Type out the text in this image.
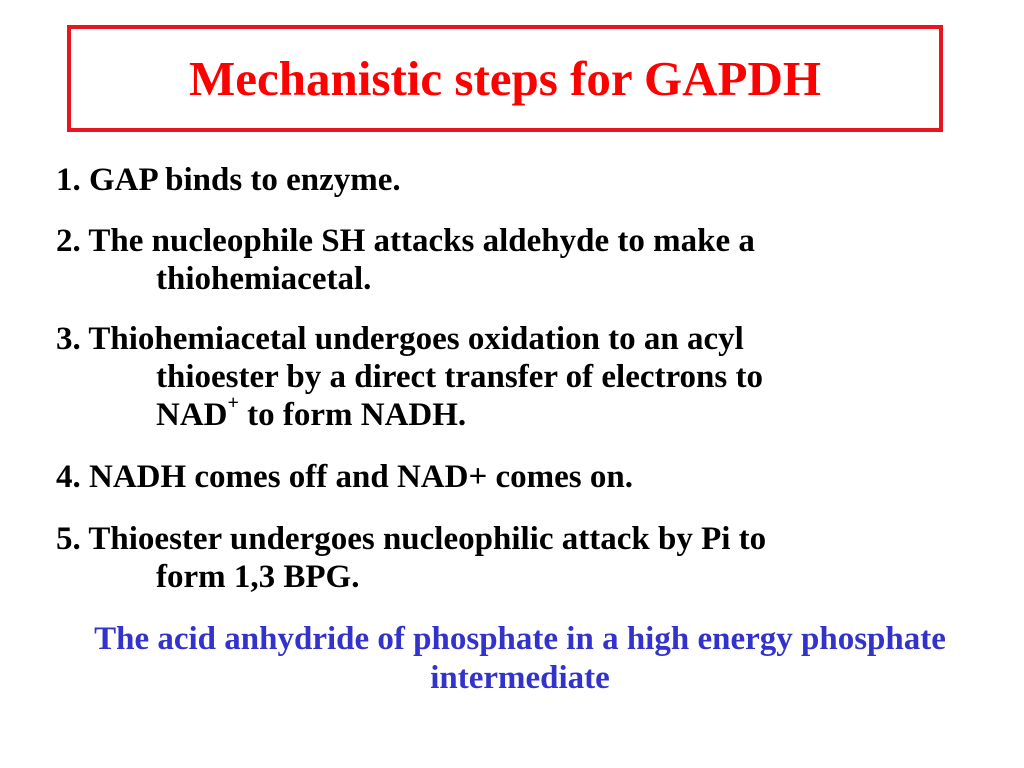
Mechanistic steps for GAPDH
1. GAP binds to enzyme.
2. The nucleophile SH attacks aldehyde to make a
thiohemiacetal.
3. Thiohemiacetal undergoes oxidation to an acyl
thioester by a direct transfer of electrons to
NAD+ to form NADH.
4. NADH comes off and NAD+ comes on.
5. Thioester undergoes nucleophilic attack by Pi to
form 1,3 BPG.
The acid anhydride of phosphate in a high energy phosphate intermediate
